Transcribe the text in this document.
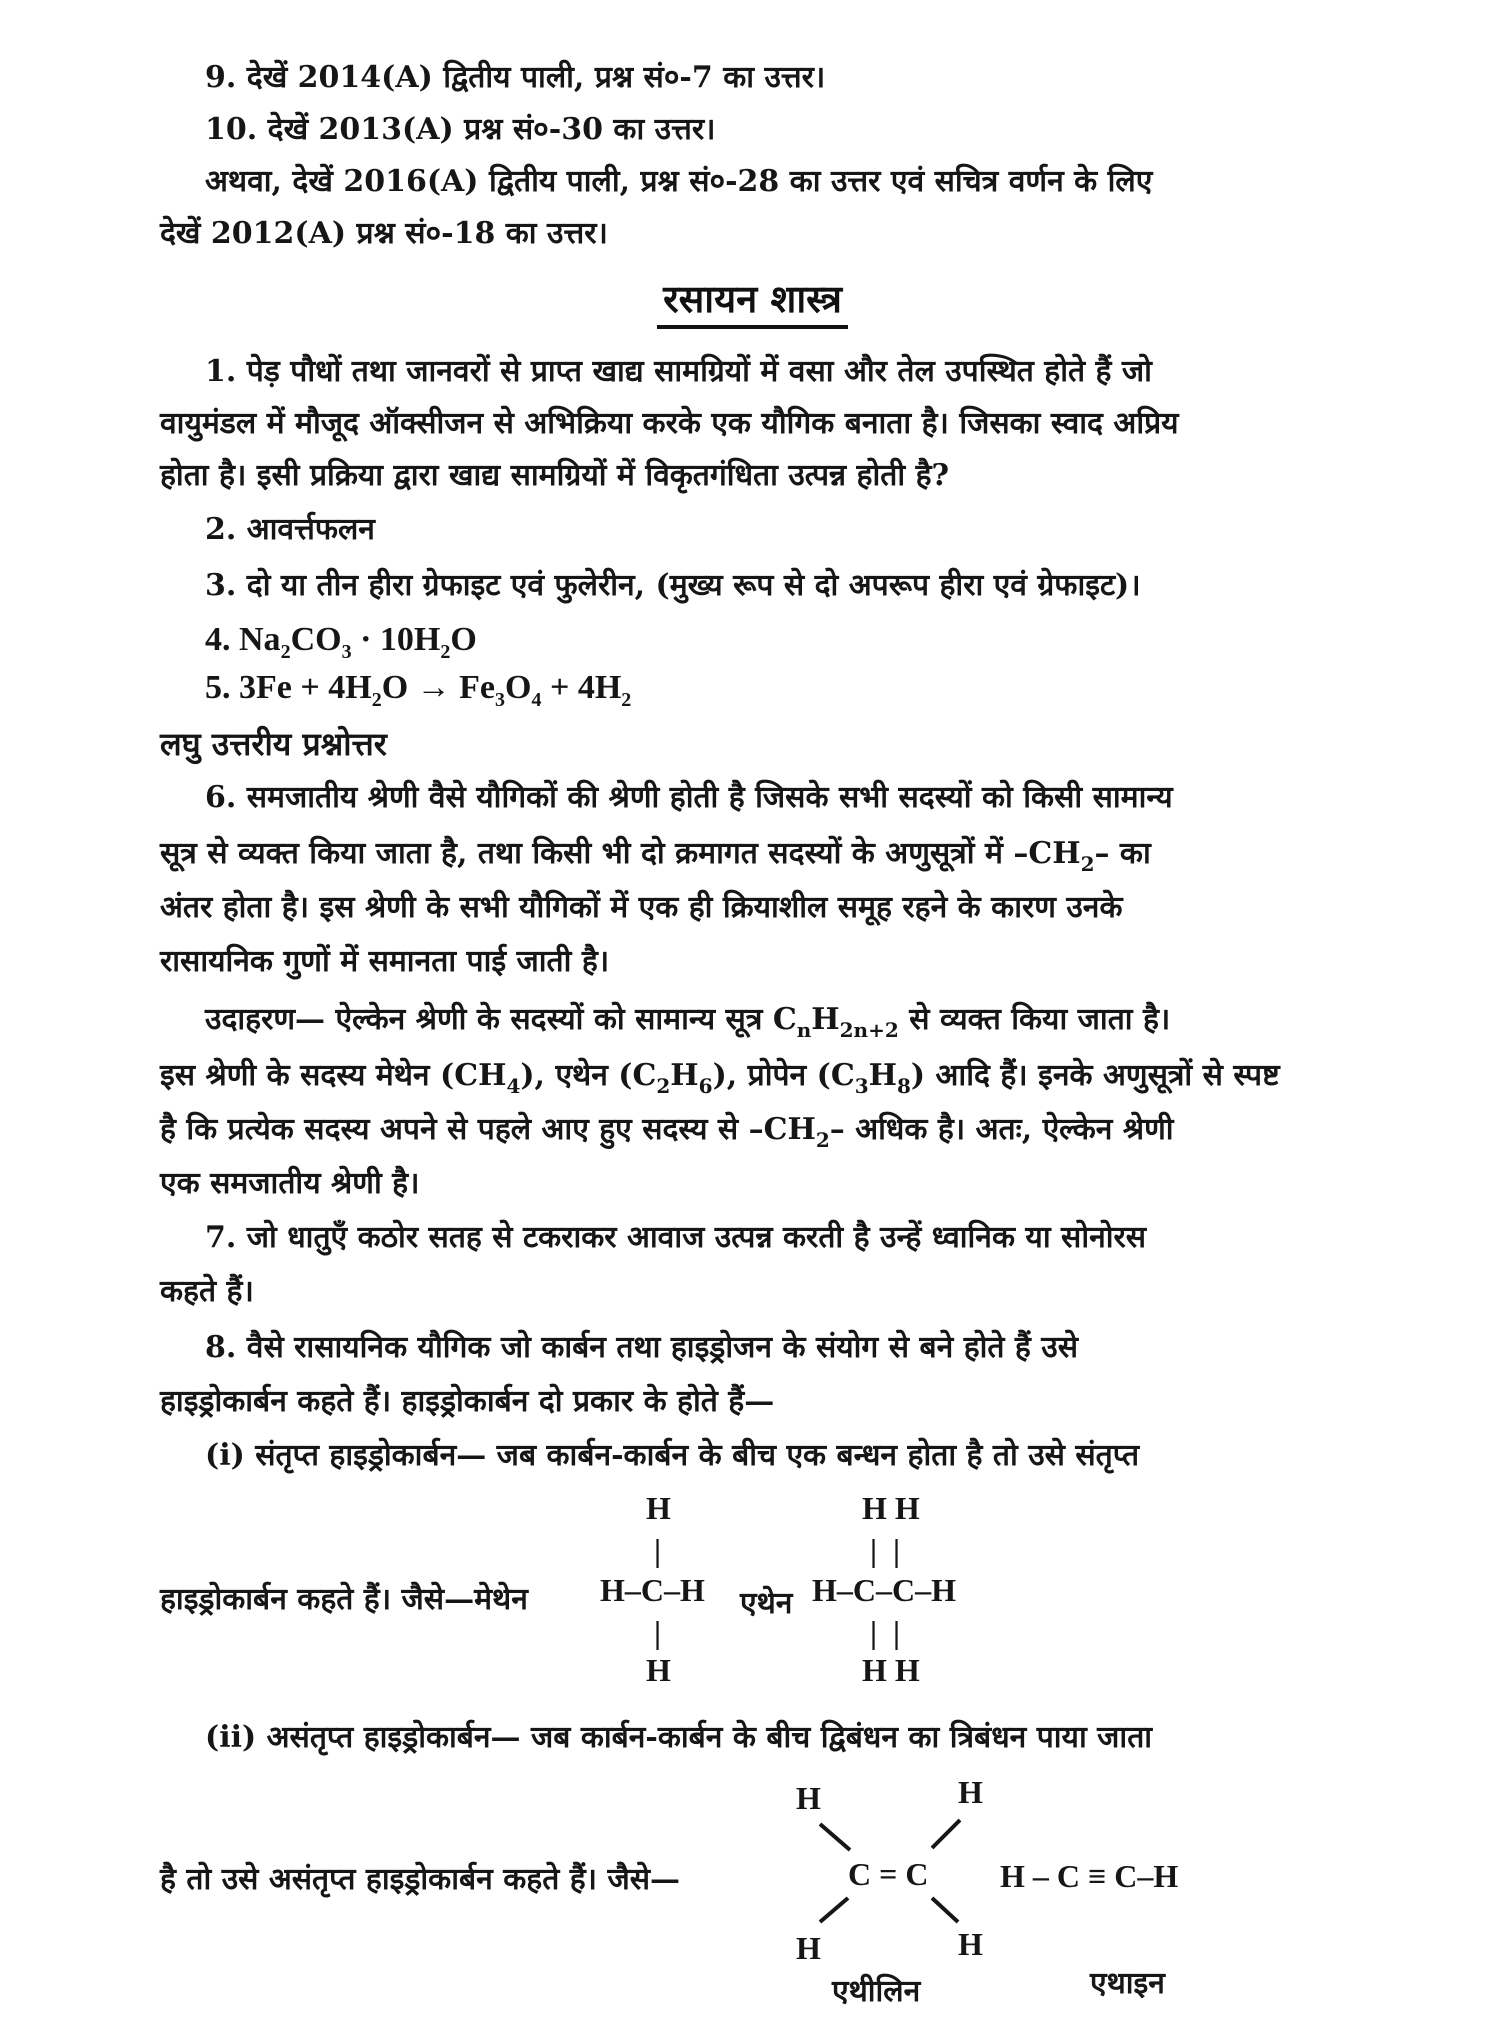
9. देखें 2014(A) द्वितीय पाली, प्रश्न सं०-7 का उत्तर।
10. देखें 2013(A) प्रश्न सं०-30 का उत्तर।
अथवा, देखें 2016(A) द्वितीय पाली, प्रश्न सं०-28 का उत्तर एवं सचित्र वर्णन के लिए
देखें 2012(A) प्रश्न सं०-18 का उत्तर।
रसायन शास्त्र
1. पेड़ पौधों तथा जानवरों से प्राप्त खाद्य सामग्रियों में वसा और तेल उपस्थित होते हैं जो
वायुमंडल में मौजूद ऑक्सीजन से अभिक्रिया करके एक यौगिक बनाता है। जिसका स्वाद अप्रिय
होता है। इसी प्रक्रिया द्वारा खाद्य सामग्रियों में विकृतगंधिता उत्पन्न होती है?
2. आवर्त्तफलन
3. दो या तीन हीरा ग्रेफाइट एवं फुलेरीन, (मुख्य रूप से दो अपरूप हीरा एवं ग्रेफाइट)।
4. $Na_2CO_3 \cdot 10H_2O$
5. $3Fe + 4H_2O \to Fe_3O_4 + 4H_2$
लघु उत्तरीय प्रश्नोत्तर
6. समजातीय श्रेणी वैसे यौगिकों की श्रेणी होती है जिसके सभी सदस्यों को किसी सामान्य
सूत्र से व्यक्त किया जाता है, तथा किसी भी दो क्रमागत सदस्यों के अणुसूत्रों में $-CH_2-$ का
अंतर होता है। इस श्रेणी के सभी यौगिकों में एक ही क्रियाशील समूह रहने के कारण उनके
रासायनिक गुणों में समानता पाई जाती है।
उदाहरण— ऐल्केन श्रेणी के सदस्यों को सामान्य सूत्र $C_nH_{2n+2}$ से व्यक्त किया जाता है।
इस श्रेणी के सदस्य मेथेन $(CH_4)$, एथेन $(C_2H_6)$, प्रोपेन $(C_3H_8)$ आदि हैं। इनके अणुसूत्रों से स्पष्ट
है कि प्रत्येक सदस्य अपने से पहले आए हुए सदस्य से $-CH_2-$ अधिक है। अतः, ऐल्केन श्रेणी
एक समजातीय श्रेणी है।
7. जो धातुएँ कठोर सतह से टकराकर आवाज उत्पन्न करती है उन्हें ध्वानिक या सोनोरस
कहते हैं।
8. वैसे रासायनिक यौगिक जो कार्बन तथा हाइड्रोजन के संयोग से बने होते हैं उसे
हाइड्रोकार्बन कहते हैं। हाइड्रोकार्बन दो प्रकार के होते हैं—
(i) संतृप्त हाइड्रोकार्बन— जब कार्बन-कार्बन के बीच एक बन्धन होता है तो उसे संतृप्त
हाइड्रोकार्बन कहते हैं। जैसे—मेथेन
H
|
H–C–H
|
H
एथेन
H H
|  |
H–C–C–H
|  |
H H
(ii) असंतृप्त हाइड्रोकार्बन— जब कार्बन-कार्बन के बीच द्विबंधन का त्रिबंधन पाया जाता
है तो उसे असंतृप्त हाइड्रोकार्बन कहते हैं। जैसे—
H	H
C = C
H	H
H – C ≡ C–H
एथीलिन	एथाइन
